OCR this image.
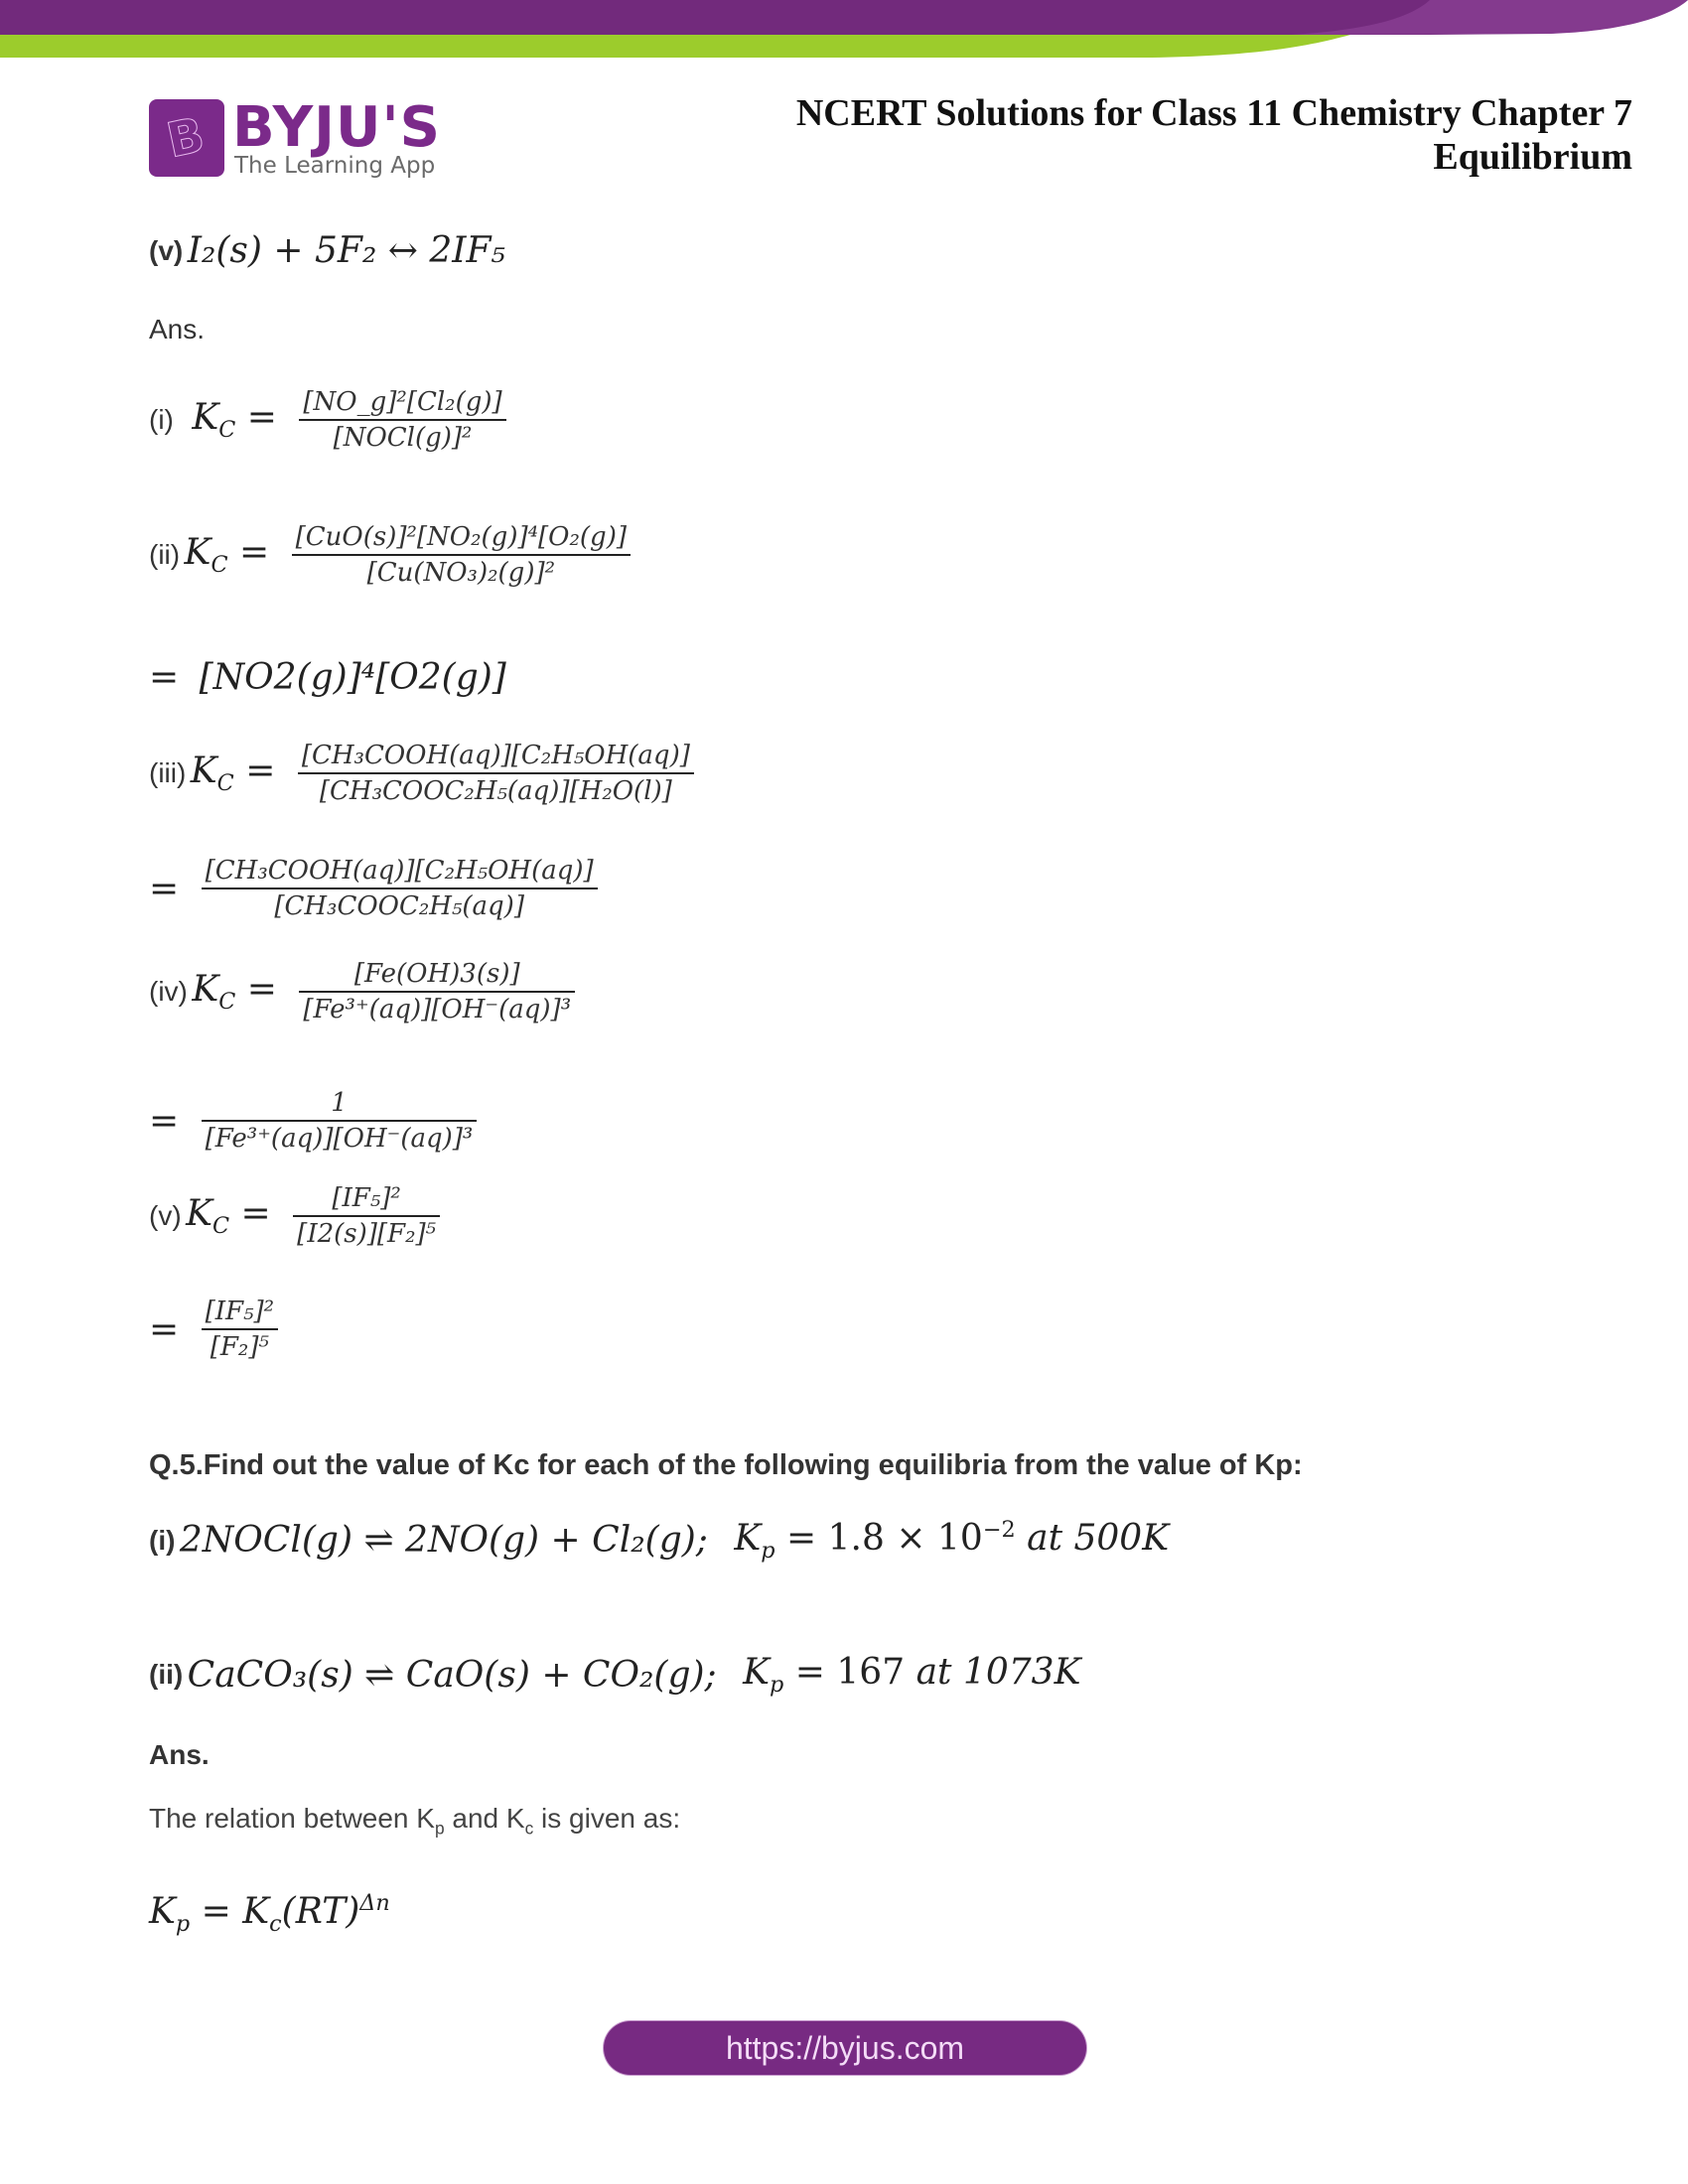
B BYJU'S
The Learning App
NCERT Solutions for Class 11 Chemistry Chapter 7
Equilibrium
(v) I₂(s) + 5F₂ ↔ 2IF₅
Ans.
(i) $K_C = \frac{\text{[NO\_g]²[Cl₂(g)]}}{\text{[NOCl(g)]²}}$
(ii) $K_C = \frac{\text{[CuO(s)]²[NO₂(g)]⁴[O₂(g)]}}{\text{[Cu(NO₃)₂(g)]²}}$
= [NO2(g)]⁴[O2(g)]
(iii) $K_C = \frac{\text{[CH₃COOH(aq)][C₂H₅OH(aq)]}}{\text{[CH₃COOC₂H₅(aq)][H₂O(l)]}}$
= $\frac{\text{[CH₃COOH(aq)][C₂H₅OH(aq)]}}{\text{[CH₃COOC₂H₅(aq)]}}$
(iv) $K_C = \frac{[Fe(OH)3(s)]}{\text{[Fe³⁺(aq)][OH⁻(aq)]³}}$
= $\frac{1}{\text{[Fe³⁺(aq)][OH⁻(aq)]³}}$
(v) $K_C = \frac{\text{[IF₅]²}}{\text{[I2(s)][F₂]⁵}}$
= $\frac{\text{[IF₅]²}}{\text{[F₂]⁵}}$
Q.5.Find out the value of Kc for each of the following equilibria from the value of Kp:
(i) 2NOCl(g) ⇌ 2NO(g) + Cl₂(g); $K_p = 1.8 \times 10^{-2}$ at 500K
(ii) CaCO₃(s) ⇌ CaO(s) + CO₂(g); $K_p = 167$ at 1073K
Ans.
The relation between $K_p$ and $K_c$ is given as:
$K_p = K_c(RT)^{\Delta n}$
https://byjus.com
